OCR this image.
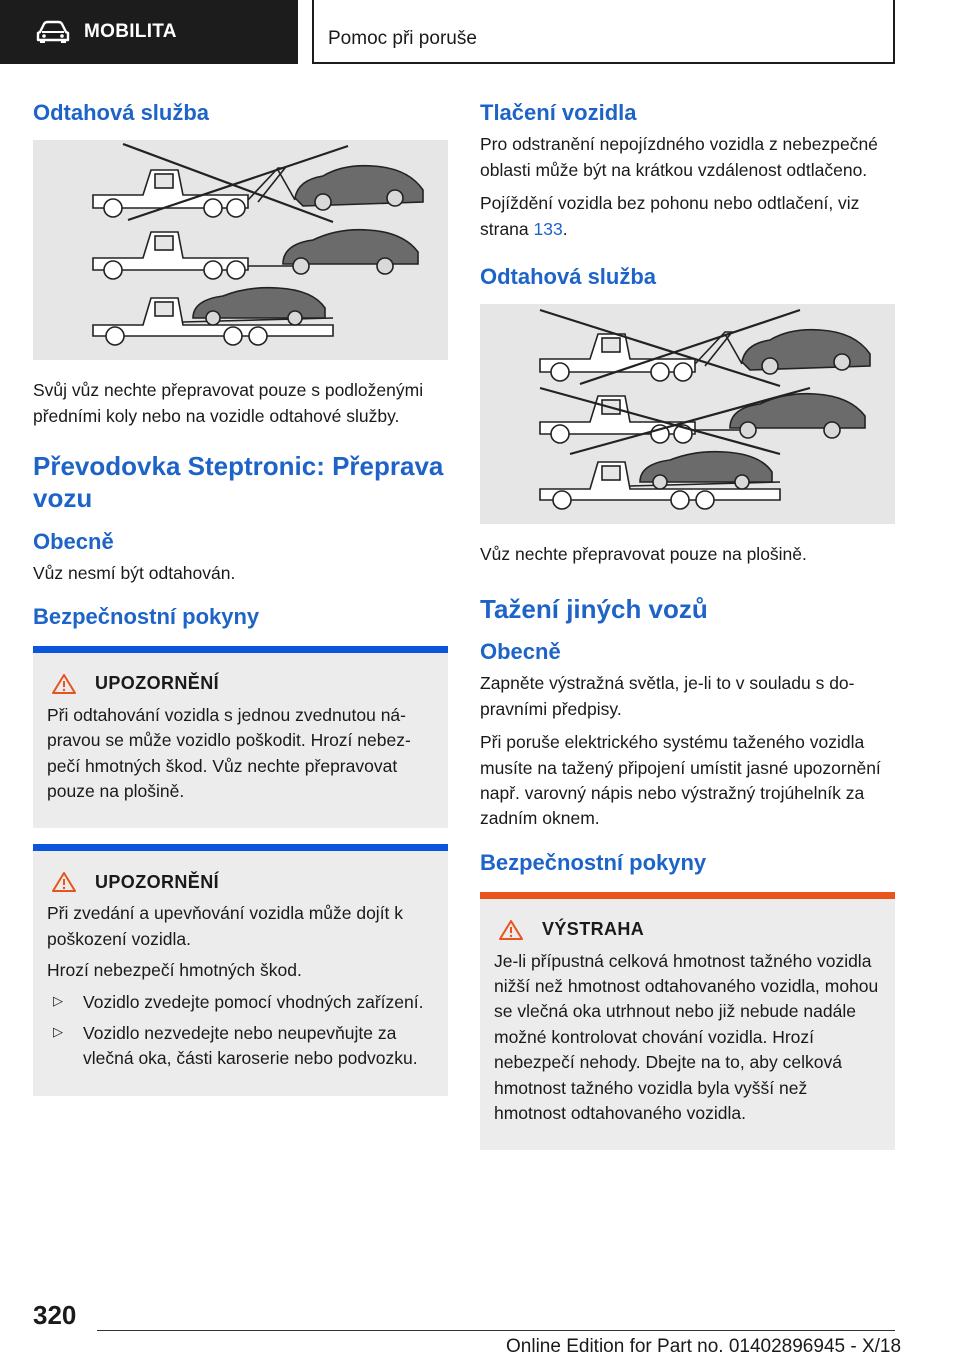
MOBILITA	Pomoc při poruše
Odtahová služba

Svůj vůz nechte přepravovat pouze s podloženými předními koly nebo na vozidle odtahové služby.

Převodovka Steptronic: Přeprava vozu
Obecně

Vůz nesmí být odtahován.

Bezpečnostní pokyny
UPOZORNĚNÍ

Při odtahování vozidla s jednou zvednutou nápravou se může vozidlo poškodit. Hrozí nebezpečí hmotných škod. Vůz nechte přepravovat pouze na plošině.

UPOZORNĚNÍ

Při zvedání a upevňování vozidla může dojít k poškození vozidla.

Hrozí nebezpečí hmotných škod.

▷	Vozidlo zvedejte pomocí vhodných zařízení.
▷	Vozidlo nezvedejte nebo neupevňujte za vlečná oka, části karoserie nebo podvozku.
Tlačení vozidla

Pro odstranění nepojízdného vozidla z nebezpečné oblasti může být na krátkou vzdálenost odtlačeno.

Pojíždění vozidla bez pohonu nebo odtlačení, viz strana 133.

Odtahová služba

Vůz nechte přepravovat pouze na plošině.

Tažení jiných vozů
Obecně

Zapněte výstražná světla, je-li to v souladu s dopravními předpisy.

Při poruše elektrického systému taženého vozidla musíte na tažený připojení umístit jasné upozornění např. varovný nápis nebo výstražný trojúhelník za zadním oknem.

Bezpečnostní pokyny
VÝSTRAHA

Je-li přípustná celková hmotnost tažného vozidla nižší než hmotnost odtahovaného vozidla, mohou se vlečná oka utrhnout nebo již nebude nadále možné kontrolovat chování vozidla. Hrozí nebezpečí nehody. Dbejte na to, aby celková hmotnost tažného vozidla byla vyšší než hmotnost odtahovaného vozidla.

320
Online Edition for Part no. 01402896945 - X/18
